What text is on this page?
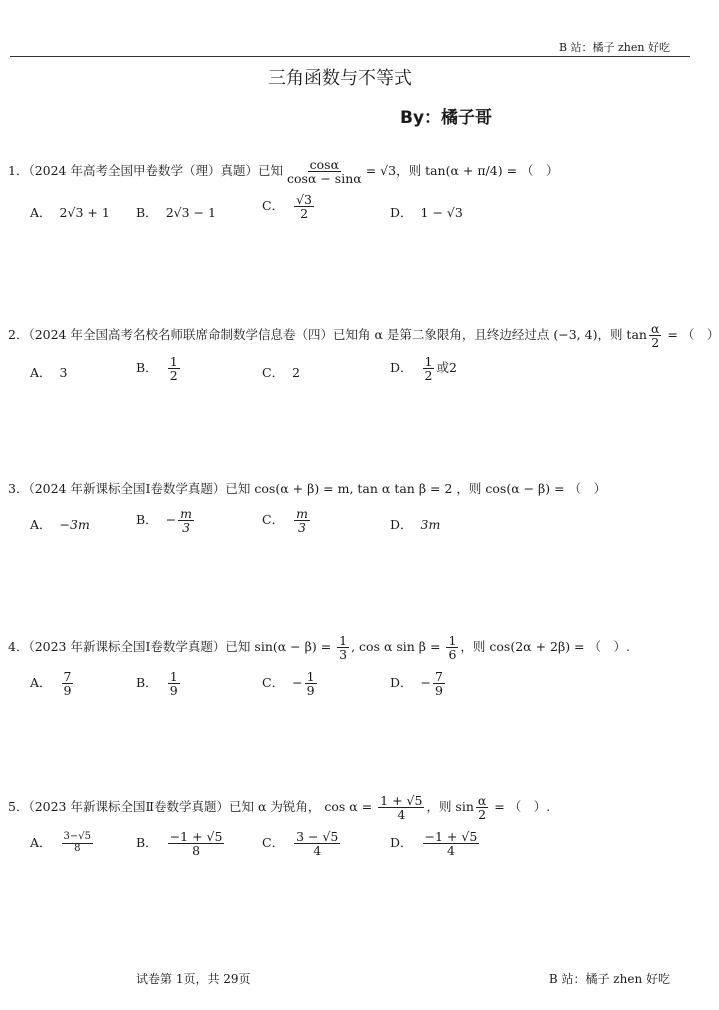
B 站：橘子 zhen 好吃
三角函数与不等式
By：橘子哥
1．（2024 年高考全国甲卷数学（理）真题）已知 $\frac{\cos\alpha}{\cos\alpha - \sin\alpha} = √3$，则 tan(α + π/4) = （　）
A． 2√3 + 1 B． 2√3 − 1	C． $\frac{√3}{2}$	D． 1 − √3
2．（2024 年全国高考名校名师联席命制数学信息卷（四）已知角 α 是第二象限角，且终边经过点 (−3, 4)，则 $\tan \frac{\alpha}{2}$ = （　）
A． 3	B． $\frac{1}{2}$	C． 2	D． $\frac{1}{2}$ 或2
3．（2024 年新课标全国Ⅰ卷数学真题）已知 cos(α + β) = m, tan α tan β = 2 ，则 cos(α − β) = （　）
A． −3m	B． − $\frac{m}{3}$	C． $\frac{m}{3}$	D． 3m
4．（2023 年新课标全国Ⅰ卷数学真题）已知 $\sin(\alpha - \beta) = \frac{1}{3}$ , cos α $\sin \beta = \frac{1}{6}$ ，则 cos(2α + 2β) = （　）.
A． $\frac{7}{9}$	B． $\frac{1}{9}$	C． − $\frac{1}{9}$	D． − $\frac{7}{9}$
5．（2023 年新课标全国Ⅱ卷数学真题）已知 α 为锐角， $\cos \alpha = \frac{1 + √5}{4}$ ，则 $\sin \frac{\alpha}{2}$ = （　）.
A． $\frac{3-√5}{8}$	B． $\frac{-1 + √5}{8}$	C． $\frac{3 - √5}{4}$	D． $\frac{-1 + √5}{4}$
试卷第 1页，共 29页	B 站：橘子 zhen 好吃
